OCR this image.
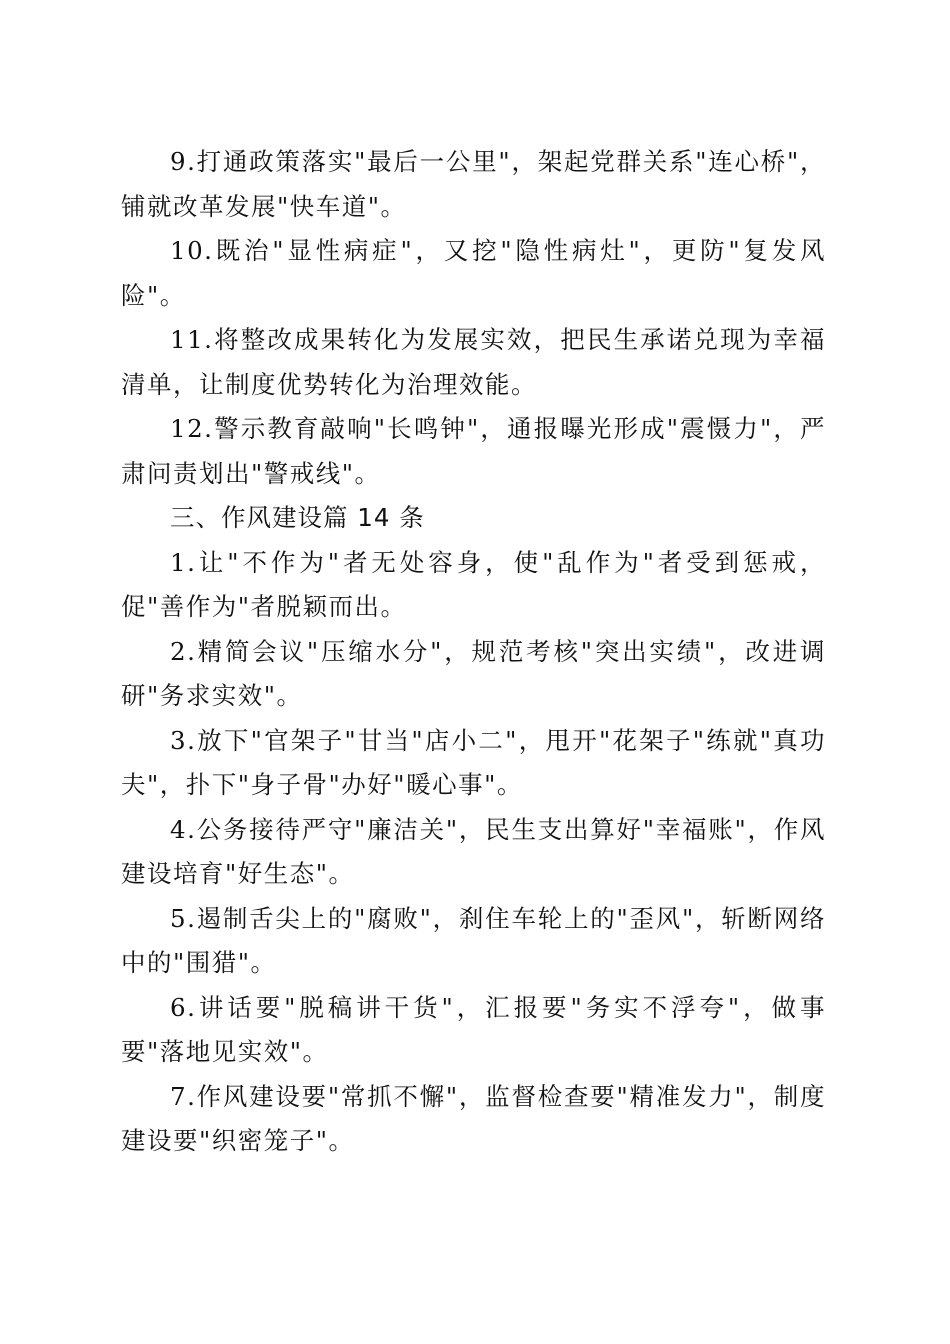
9.打通政策落实"最后一公里"，架起党群关系"连心桥"，铺就改革发展"快车道"。

10.既治"显性病症"，又挖"隐性病灶"，更防"复发风险"。

11.将整改成果转化为发展实效，把民生承诺兑现为幸福清单，让制度优势转化为治理效能。

12.警示教育敲响"长鸣钟"，通报曝光形成"震慑力"，严肃问责划出"警戒线"。

三、作风建设篇 14 条

1.让"不作为"者无处容身，使"乱作为"者受到惩戒，促"善作为"者脱颖而出。

2.精简会议"压缩水分"，规范考核"突出实绩"，改进调研"务求实效"。

3.放下"官架子"甘当"店小二"，甩开"花架子"练就"真功夫"，扑下"身子骨"办好"暖心事"。

4.公务接待严守"廉洁关"，民生支出算好"幸福账"，作风建设培育"好生态"。

5.遏制舌尖上的"腐败"，刹住车轮上的"歪风"，斩断网络中的"围猎"。

6.讲话要"脱稿讲干货"，汇报要"务实不浮夸"，做事要"落地见实效"。

7.作风建设要"常抓不懈"，监督检查要"精准发力"，制度建设要"织密笼子"。
